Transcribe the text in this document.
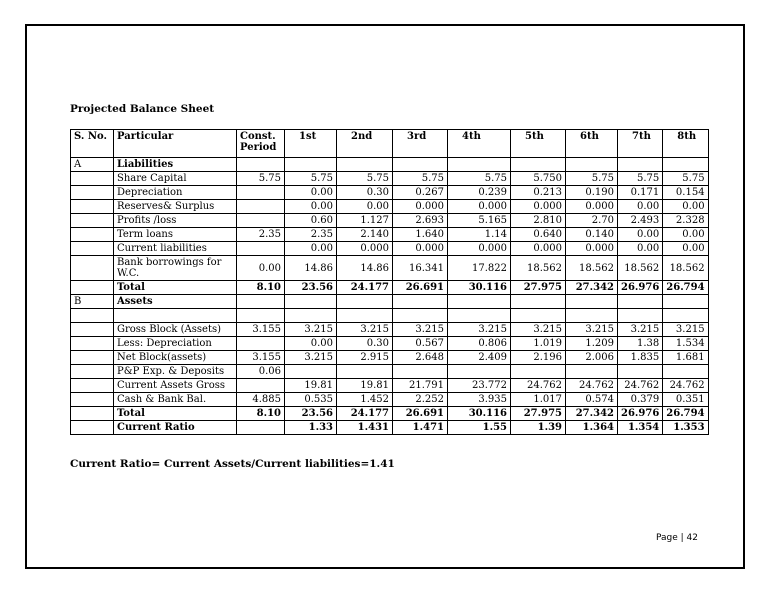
Projected Balance Sheet
S. No.	Particular	Const. Period	1st	2nd	3rd	4th	5th	6th	7th	8th
A	Liabilities									
	Share Capital	5.75	5.75	5.75	5.75	5.75	5.750	5.75	5.75	5.75
	Depreciation		0.00	0.30	0.267	0.239	0.213	0.190	0.171	0.154
	Reserves& Surplus		0.00	0.00	0.000	0.000	0.000	0.000	0.00	0.00
	Profits /loss		0.60	1.127	2.693	5.165	2.810	2.70	2.493	2.328
	Term loans	2.35	2.35	2.140	1.640	1.14	0.640	0.140	0.00	0.00
	Current liabilities		0.00	0.000	0.000	0.000	0.000	0.000	0.00	0.00
	Bank borrowings for W.C.	0.00	14.86	14.86	16.341	17.822	18.562	18.562	18.562	18.562
	Total	8.10	23.56	24.177	26.691	30.116	27.975	27.342	26.976	26.794
B	Assets									

	Gross Block (Assets)	3.155	3.215	3.215	3.215	3.215	3.215	3.215	3.215	3.215
	Less: Depreciation		0.00	0.30	0.567	0.806	1.019	1.209	1.38	1.534
	Net Block(assets)	3.155	3.215	2.915	2.648	2.409	2.196	2.006	1.835	1.681
	P&P Exp. & Deposits	0.06								
	Current Assets Gross		19.81	19.81	21.791	23.772	24.762	24.762	24.762	24.762
	Cash & Bank Bal.	4.885	0.535	1.452	2.252	3.935	1.017	0.574	0.379	0.351
	Total	8.10	23.56	24.177	26.691	30.116	27.975	27.342	26.976	26.794
	Current Ratio		1.33	1.431	1.471	1.55	1.39	1.364	1.354	1.353
Current Ratio= Current Assets/Current liabilities=1.41
Page | 42
